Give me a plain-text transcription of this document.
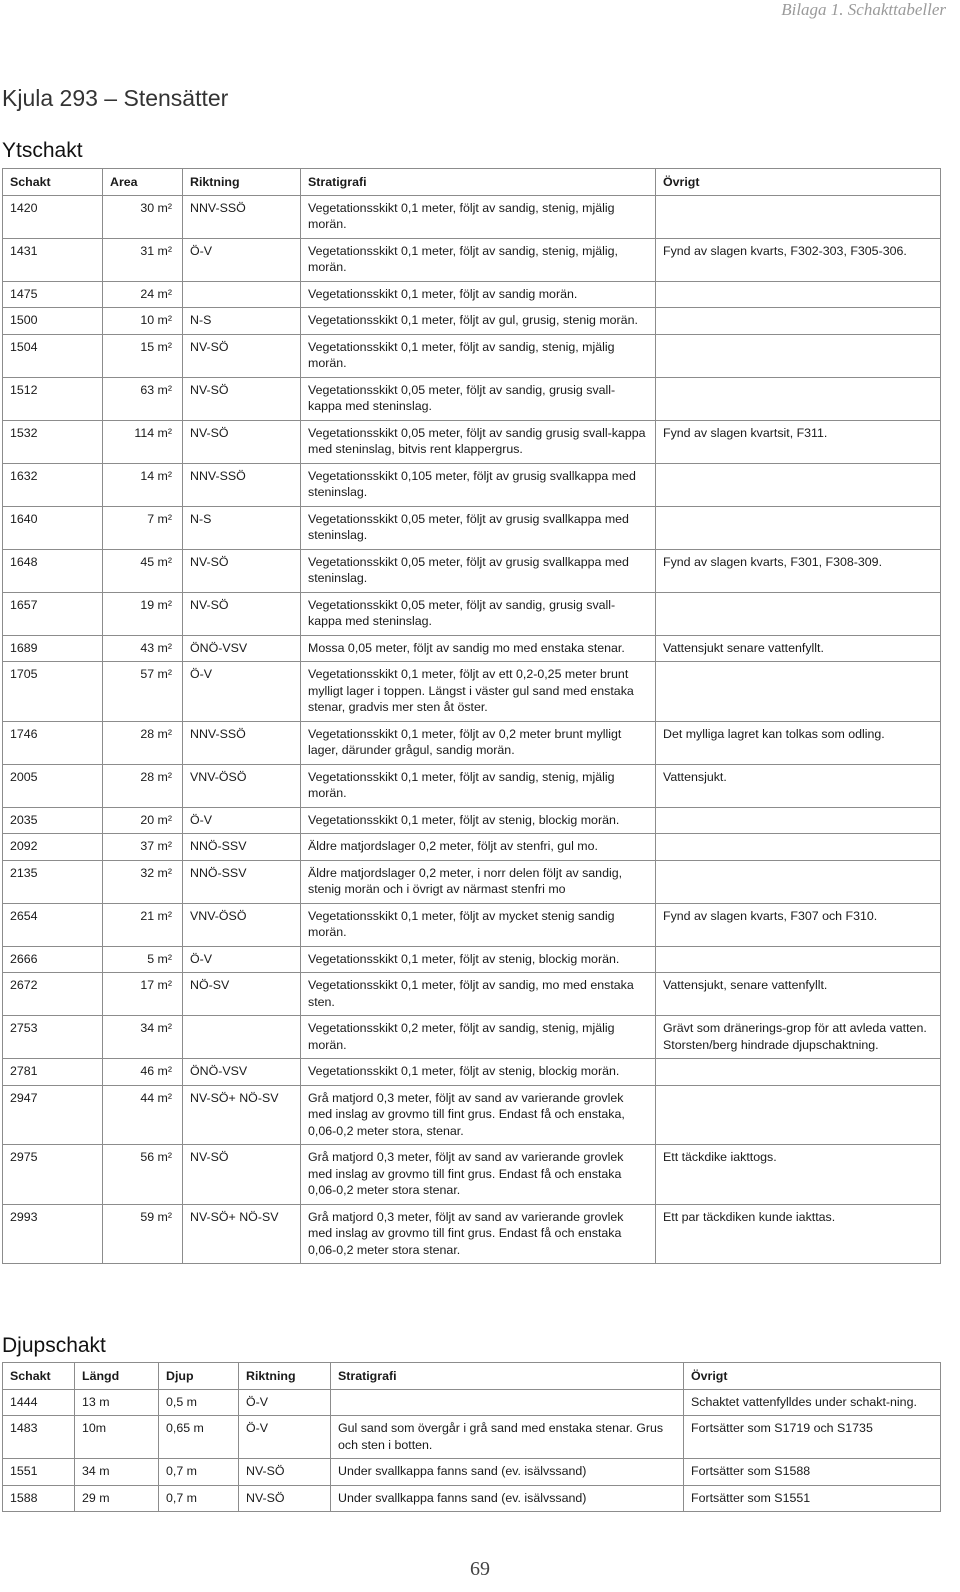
Bilaga 1. Schakttabeller
Kjula 293 – Stensätter
Ytschakt
Schakt	Area	Riktning	Stratigrafi	Övrigt
1420	30 m²	NNV-SSÖ	Vegetationsskikt 0,1 meter, följt av sandig, stenig, mjälig morän.	
1431	31 m²	Ö-V	Vegetationsskikt 0,1 meter, följt av sandig, stenig, mjälig, morän.	Fynd av slagen kvarts, F302-303, F305-306.
1475	24 m²		Vegetationsskikt 0,1 meter, följt av sandig morän.	
1500	10 m²	N-S	Vegetationsskikt 0,1 meter, följt av gul, grusig, stenig morän.	
1504	15 m²	NV-SÖ	Vegetationsskikt 0,1 meter, följt av sandig, stenig, mjälig morän.	
1512	63 m²	NV-SÖ	Vegetationsskikt 0,05 meter, följt av sandig, grusig svall-kappa med steninslag.	
1532	114 m²	NV-SÖ	Vegetationsskikt 0,05 meter, följt av sandig grusig svall-kappa med steninslag, bitvis rent klappergrus.	Fynd av slagen kvartsit, F311.
1632	14 m²	NNV-SSÖ	Vegetationsskikt 0,105 meter, följt av grusig svallkappa med steninslag.	
1640	7 m²	N-S	Vegetationsskikt 0,05 meter, följt av grusig svallkappa med steninslag.	
1648	45 m²	NV-SÖ	Vegetationsskikt 0,05 meter, följt av grusig svallkappa med steninslag.	Fynd av slagen kvarts, F301, F308-309.
1657	19 m²	NV-SÖ	Vegetationsskikt 0,05 meter, följt av sandig, grusig svall-kappa med steninslag.	
1689	43 m²	ÖNÖ-VSV	Mossa 0,05 meter, följt av sandig mo med enstaka stenar.	Vattensjukt senare vattenfyllt.
1705	57 m²	Ö-V	Vegetationsskikt 0,1 meter, följt av ett 0,2-0,25 meter brunt mylligt lager i toppen. Längst i väster gul sand med enstaka stenar, gradvis mer sten åt öster.	
1746	28 m²	NNV-SSÖ	Vegetationsskikt 0,1 meter, följt av 0,2 meter brunt mylligt lager, därunder grågul, sandig morän.	Det mylliga lagret kan tolkas som odling.
2005	28 m²	VNV-ÖSÖ	Vegetationsskikt 0,1 meter, följt av sandig, stenig, mjälig morän.	Vattensjukt.
2035	20 m²	Ö-V	Vegetationsskikt 0,1 meter, följt av stenig, blockig morän.	
2092	37 m²	NNÖ-SSV	Äldre matjordslager 0,2 meter, följt av stenfri, gul mo.	
2135	32 m²	NNÖ-SSV	Äldre matjordslager 0,2 meter, i norr delen följt av sandig, stenig morän och i övrigt av närmast stenfri mo	
2654	21 m²	VNV-ÖSÖ	Vegetationsskikt 0,1 meter, följt av mycket stenig sandig morän.	Fynd av slagen kvarts, F307 och F310.
2666	5 m²	Ö-V	Vegetationsskikt 0,1 meter, följt av stenig, blockig morän.	
2672	17 m²	NÖ-SV	Vegetationsskikt 0,1 meter, följt av sandig, mo med enstaka sten.	Vattensjukt, senare vattenfyllt.
2753	34 m²		Vegetationsskikt 0,2 meter, följt av sandig, stenig, mjälig morän.	Grävt som dränerings-grop för att avleda vatten. Storsten/berg hindrade djupschaktning.
2781	46 m²	ÖNÖ-VSV	Vegetationsskikt 0,1 meter, följt av stenig, blockig morän.	
2947	44 m²	NV-SÖ+ NÖ-SV	Grå matjord 0,3 meter, följt av sand av varierande grovlek med inslag av grovmo till fint grus. Endast få och enstaka, 0,06-0,2 meter stora, stenar.	
2975	56 m²	NV-SÖ	Grå matjord 0,3 meter, följt av sand av varierande grovlek med inslag av grovmo till fint grus. Endast få och enstaka 0,06-0,2 meter stora stenar.	Ett täckdike iakttogs.
2993	59 m²	NV-SÖ+ NÖ-SV	Grå matjord 0,3 meter, följt av sand av varierande grovlek med inslag av grovmo till fint grus. Endast få och enstaka 0,06-0,2 meter stora stenar.	Ett par täckdiken kunde iakttas.
Djupschakt
Schakt	Längd	Djup	Riktning	Stratigrafi	Övrigt
1444	13 m	0,5 m	Ö-V		Schaktet vattenfylldes under schakt-ning.
1483	10m	0,65 m	Ö-V	Gul sand som övergår i grå sand med enstaka stenar. Grus och sten i botten.	Fortsätter som S1719 och S1735
1551	34 m	0,7 m	NV-SÖ	Under svallkappa fanns sand (ev. isälvssand)	Fortsätter som S1588
1588	29 m	0,7 m	NV-SÖ	Under svallkappa fanns sand (ev. isälvssand)	Fortsätter som S1551
69
